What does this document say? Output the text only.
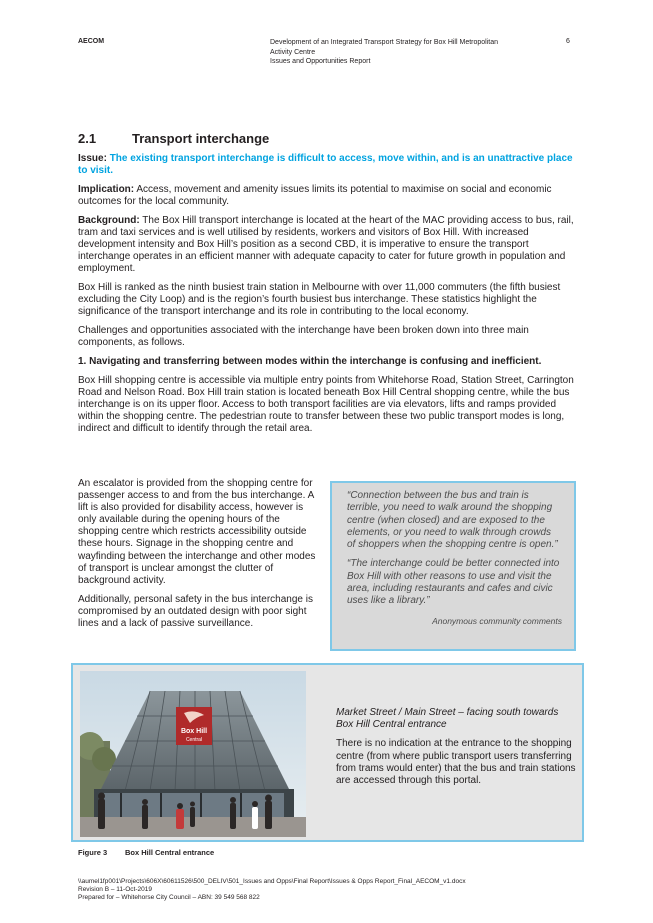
AECOM	Development of an Integrated Transport Strategy for Box Hill Metropolitan
Activity Centre
Issues and Opportunities Report
6
2.1	Transport interchange

Issue: The existing transport interchange is difficult to access, move within, and is an unattractive place to visit.

Implication: Access, movement and amenity issues limits its potential to maximise on social and economic outcomes for the local community.

Background: The Box Hill transport interchange is located at the heart of the MAC providing access to bus, rail, tram and taxi services and is well utilised by residents, workers and visitors of Box Hill. With increased development intensity and Box Hill’s position as a second CBD, it is imperative to ensure the transport interchange operates in an efficient manner with adequate capacity to cater for future growth in population and employment.

Box Hill is ranked as the ninth busiest train station in Melbourne with over 11,000 commuters (the fifth busiest excluding the City Loop) and is the region’s fourth busiest bus interchange. These statistics highlight the significance of the transport interchange and its role in contributing to the local economy.

Challenges and opportunities associated with the interchange have been broken down into three main components, as follows.

1. Navigating and transferring between modes within the interchange is confusing and inefficient.

Box Hill shopping centre is accessible via multiple entry points from Whitehorse Road, Station Street, Carrington Road and Nelson Road. Box Hill train station is located beneath Box Hill Central shopping centre, while the bus interchange is on its upper floor. Access to both transport facilities are via elevators, lifts and ramps provided within the shopping centre. The pedestrian route to transfer between these two public transport modes is long, indirect and difficult to identify through the retail area.

An escalator is provided from the shopping centre for passenger access to and from the bus interchange. A lift is also provided for disability access, however is only available during the opening hours of the shopping centre which restricts accessibility outside these hours. Signage in the shopping centre and wayfinding between the interchange and other modes of transport is unclear amongst the clutter of background activity.

Additionally, personal safety in the bus interchange is compromised by an outdated design with poor sight lines and a lack of passive surveillance.

“Connection between the bus and train is terrible, you need to walk around the shopping centre (when closed) and are exposed to the elements, or you need to walk through crowds of shoppers when the shopping centre is open.”

“The interchange could be better connected into Box Hill with other reasons to use and visit the area, including restaurants and cafes and civic uses like a library.”

Anonymous community comments
Box Hill
Central

Market Street / Main Street – facing south towards Box Hill Central entrance

There is no indication at the entrance to the shopping centre (from where public transport users transferring from trams would enter) that the bus and train stations are accessed through this portal.

Figure 3 Box Hill Central entrance
\\aumel1fp001\Projects\606X\60611526\500_DELIV\501_Issues and Opps\Final Report\Issues & Opps Report_Final_AECOM_v1.docx
Revision B – 11-Oct-2019
Prepared for – Whitehorse City Council – ABN: 39 549 568 822
